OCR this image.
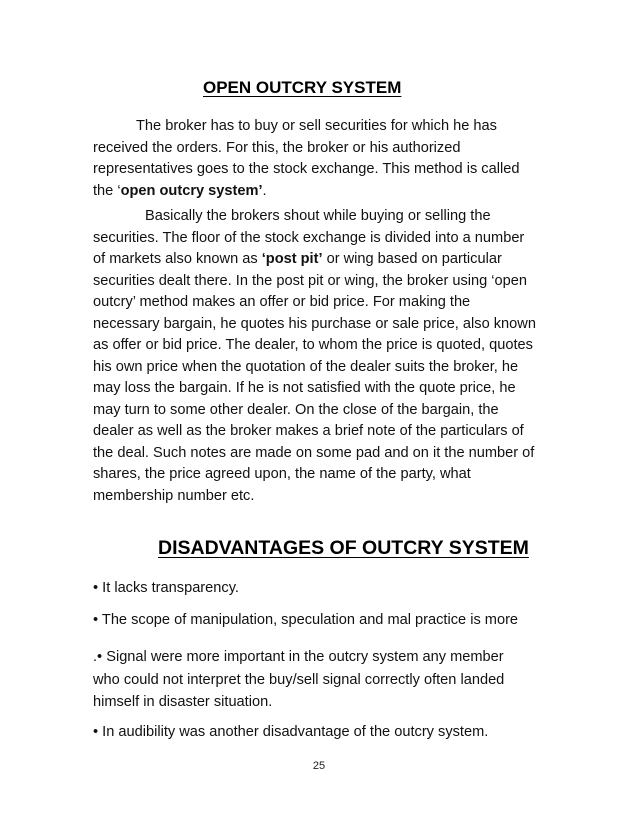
OPEN OUTCRY SYSTEM
The broker has to buy or sell securities for which he has
received the orders. For this, the broker or his authorized
representatives goes to the stock exchange. This method is called
the ‘open outcry system’.
Basically the brokers shout while buying or selling the
securities. The floor of the stock exchange is divided into a number
of markets also known as ‘post pit’ or wing based on particular
securities dealt there. In the post pit or wing, the broker using ‘open
outcry’ method makes an offer or bid price. For making the
necessary bargain, he quotes his purchase or sale price, also known
as offer or bid price. The dealer, to whom the price is quoted, quotes
his own price when the quotation of the dealer suits the broker, he
may loss the bargain. If he is not satisfied with the quote price, he
may turn to some other dealer. On the close of the bargain, the
dealer as well as the broker makes a brief note of the particulars of
the deal. Such notes are made on some pad and on it the number of
shares, the price agreed upon, the name of the party, what
membership number etc.
DISADVANTAGES OF OUTCRY SYSTEM
• It lacks transparency.
• The scope of manipulation, speculation and mal practice is more
.• Signal were more important in the outcry system any member
who could not interpret the buy/sell signal correctly often landed
himself in disaster situation.
• In audibility was another disadvantage of the outcry system.
25
